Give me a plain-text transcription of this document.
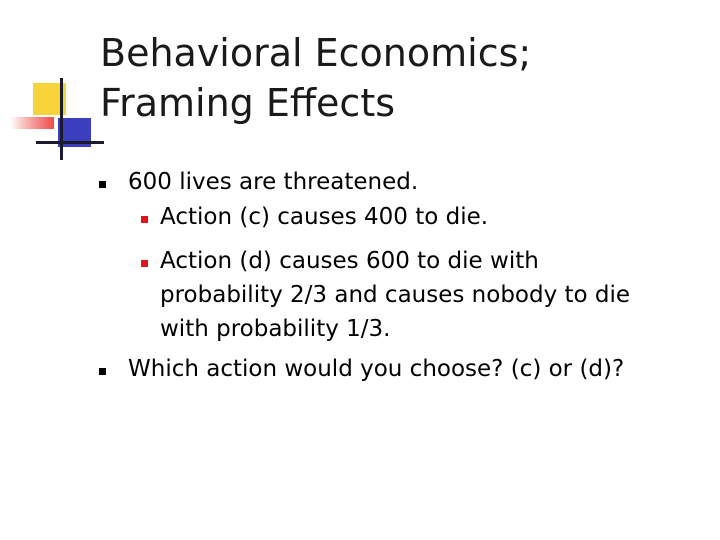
Behavioral Economics;
Framing Effects
600 lives are threatened.
Action (c) causes 400 to die.
Action (d) causes 600 to die with
probability 2/3 and causes nobody to die
with probability 1/3.
Which action would you choose? (c) or (d)?
